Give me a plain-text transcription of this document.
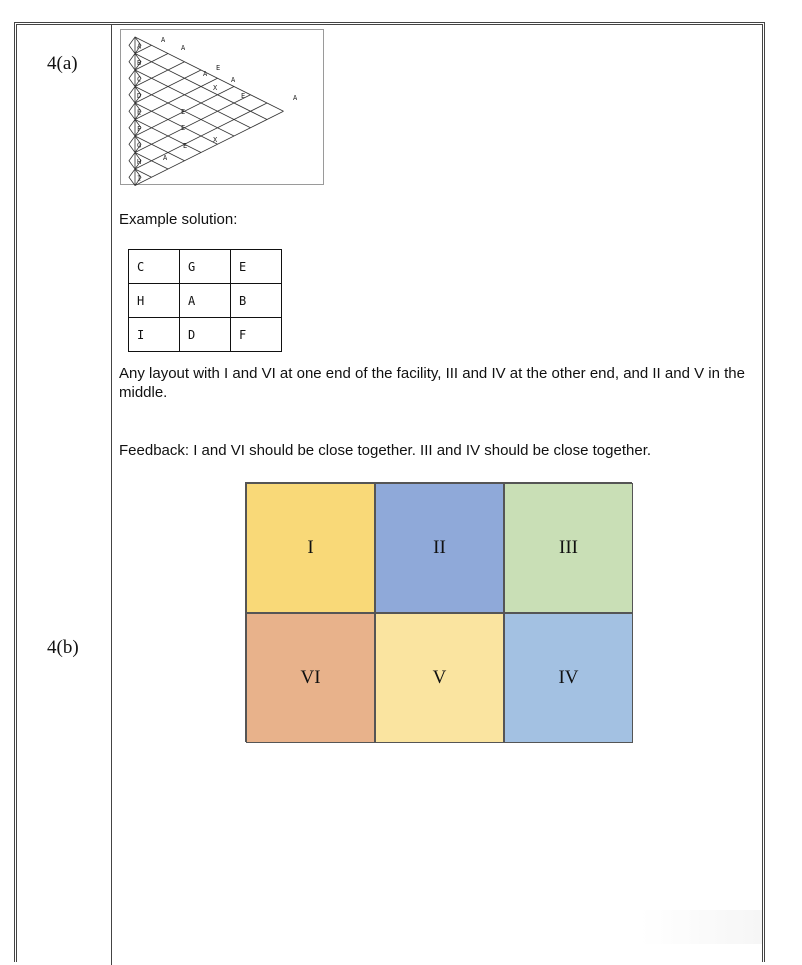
4(a)
4(b)
A
B
C
D
E
F
G
H
I
A
A
E
A
A
X
E
E
A
E
E
X
A
Example solution:
C	G	E
H	A	B
I	D	F
Any layout with I and VI at one end of the facility, III and IV at the other end, and II and V in the middle.
Feedback: I and VI should be close together. III and IV should be close together.
I	II	III
VI	V	IV
